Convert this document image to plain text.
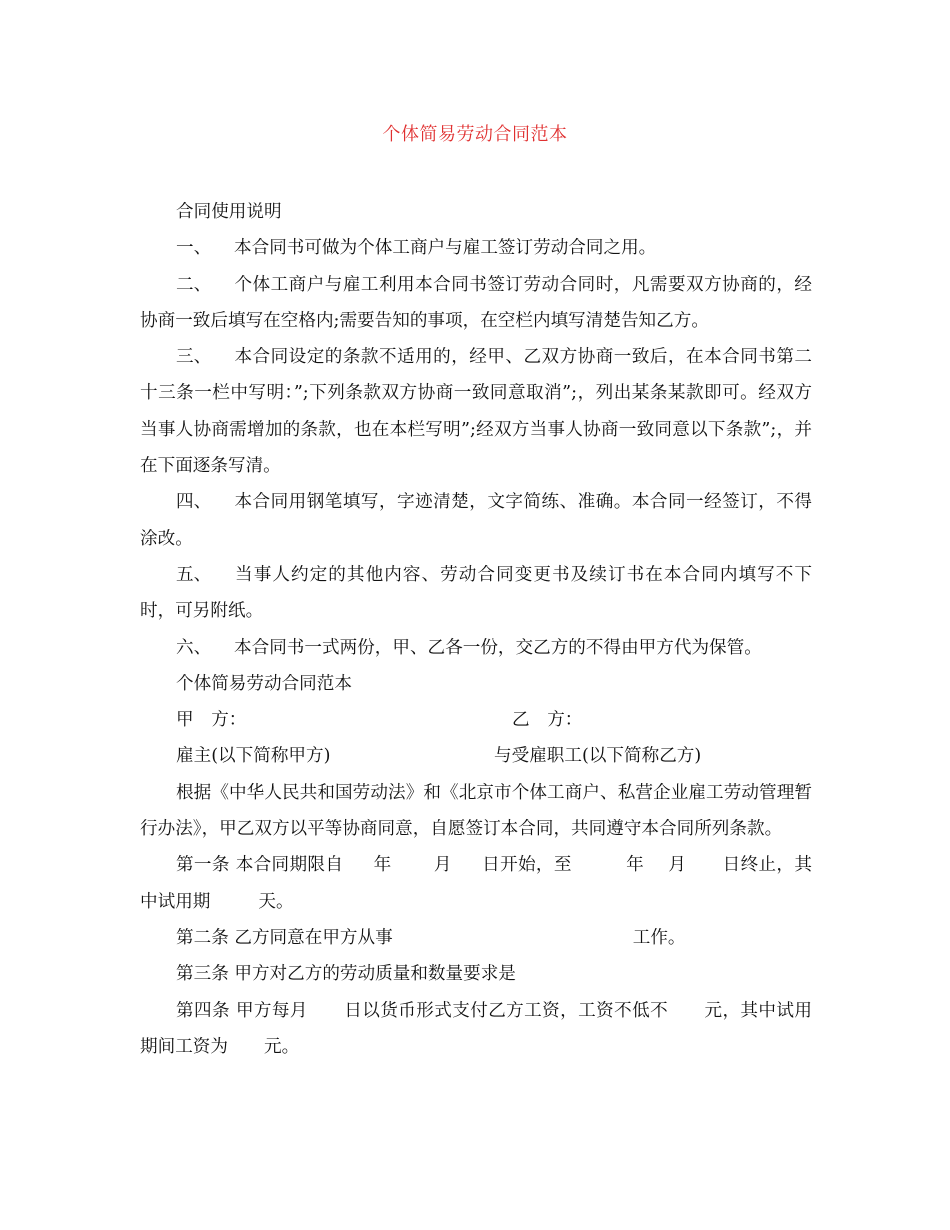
个体简易劳动合同范本

合同使用说明

一、 本合同书可做为个体工商户与雇工签订劳动合同之用。

二、 个体工商户与雇工利用本合同书签订劳动合同时，凡需要双方协商的，经协商一致后填写在空格内;需要告知的事项，在空栏内填写清楚告知乙方。

三、 本合同设定的条款不适用的，经甲、乙双方协商一致后，在本合同书第二十三条一栏中写明：”;下列条款双方协商一致同意取消”;，列出某条某款即可。经双方当事人协商需增加的条款，也在本栏写明”;经双方当事人协商一致同意以下条款”;，并在下面逐条写清。

四、 本合同用钢笔填写，字迹清楚，文字简练、准确。本合同一经签订，不得涂改。

五、 当事人约定的其他内容、劳动合同变更书及续订书在本合同内填写不下时，可另附纸。

六、 本合同书一式两份，甲、乙各一份，交乙方的不得由甲方代为保管。

个体简易劳动合同范本

甲　方：	乙　方：
雇主(以下简称甲方)	与受雇职工(以下简称乙方)

根据《中华人民共和国劳动法》和《北京市个体工商户、私营企业雇工劳动管理暂行办法》，甲乙双方以平等协商同意，自愿签订本合同，共同遵守本合同所列条款。

第一条 本合同期限自 年 月 日开始，至	年 月 日终止，其中试用期	天。

第二条 乙方同意在甲方从事	工作。

第三条 甲方对乙方的劳动质量和数量要求是

第四条 甲方每月 日以货币形式支付乙方工资，工资不低不 元，其中试用期间工资为 元。
